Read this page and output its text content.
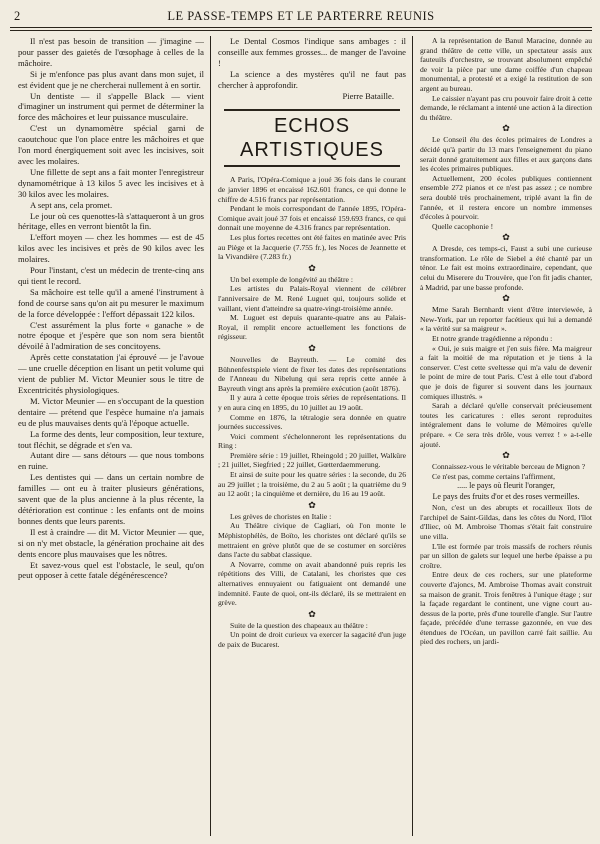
2	LE PASSE-TEMPS ET LE PARTERRE REUNIS

Il n'est pas besoin de transition — j'imagine — pour passer des gaietés de l'œsophage à celles de la mâchoire.

Si je m'enfonce pas plus avant dans mon sujet, il est évident que je ne chercherai nullement à en sortir.

Un dentiste — il s'appelle Black — vient d'imaginer un instrument qui permet de déterminer la force des mâchoires et leur puissance musculaire.

C'est un dynamomètre spécial garni de caoutchouc que l'on place entre les mâchoires et que l'on mord énergiquement soit avec les incisives, soit avec les molaires.

Une fillette de sept ans a fait monter l'enregistreur dynamométrique à 13 kilos 5 avec les incisives et à 30 kilos avec les molaires.

A sept ans, cela promet.

Le jour où ces quenottes-là s'attaqueront à un gros héritage, elles en verront bientôt la fin.

L'effort moyen — chez les hommes — est de 45 kilos avec les incisives et près de 90 kilos avec les molaires.

Pour l'instant, c'est un médecin de trente-cinq ans qui tient le record.

Sa mâchoire est telle qu'il a amené l'instrument à fond de course sans qu'on ait pu mesurer le maximum de la force développée : l'effort dépassait 122 kilos.

C'est assurément la plus forte « ganache » de notre époque et j'espère que son nom sera bientôt dévoilé à l'admiration de ses concitoyens.

Après cette constatation j'ai éprouvé — je l'avoue — une cruelle déception en lisant un petit volume qui vient de publier M. Victor Meunier sous le titre de Excentricités physiologiques.

M. Victor Meunier — en s'occupant de la question dentaire — prétend que l'espèce humaine n'a jamais eu de plus mauvaises dents qu'à l'époque actuelle.

La forme des dents, leur composition, leur texture, tout fléchit, se dégrade et s'en va.

Autant dire — sans détours — que nous tombons en ruine.

Les dentistes qui — dans un certain nombre de familles — ont eu à traiter plusieurs générations, savent que de la plus ancienne à la plus récente, la détérioration est continue : les enfants ont de moins bonnes dents que leurs parents.

Il est à craindre — dit M. Victor Meunier — que, si on n'y met obstacle, la génération prochaine ait des dents encore plus mauvaises que les nôtres.

Et savez-vous quel est l'obstacle, le seul, qu'on peut opposer à cette fatale dégénérescence?

Le Dental Cosmos l'indique sans ambages : il conseille aux femmes grosses... de manger de l'avoine !

La science a des mystères qu'il ne faut pas chercher à approfondir.

Pierre Bataille.

ECHOS ARTISTIQUES

A Paris, l'Opéra-Comique a joué 36 fois dans le courant de janvier 1896 et encaissé 162.601 francs, ce qui donne le chiffre de 4.516 francs par représentation.

Pendant le mois correspondant de l'année 1895, l'Opéra-Comique avait joué 37 fois et encaissé 159.693 francs, ce qui donnait une moyenne de 4.316 francs par représentation.

Les plus fortes recettes ont été faites en matinée avec Pris au Piège et la Jacquerie (7.755 fr.), les Noces de Jeannette et la Vivandière (7.283 fr.)

✿

Un bel exemple de longévité au théâtre :

Les artistes du Palais-Royal viennent de célébrer l'anniversaire de M. René Luguet qui, toujours solide et vaillant, vient d'atteindre sa quatre-vingt-troisième année.

M. Luguet est depuis quarante-quatre ans au Palais-Royal, il remplit encore actuellement les fonctions de régisseur.

✿

Nouvelles de Bayreuth. — Le comité des Bühnenfestspiele vient de fixer les dates des représentations de l'Anneau du Nibelung qui sera repris cette année à Bayreuth vingt ans après la première exécution (août 1876).

Il y aura à cette époque trois séries de représentations. Il y en aura cinq en 1895, du 10 juillet au 19 août.

Comme en 1876, la tétralogie sera donnée en quatre journées successives.

Voici comment s'échelonneront les représentations du Ring :

Première série : 19 juillet, Rheingold ; 20 juillet, Walküre ; 21 juillet, Siegfried ; 22 juillet, Gœtterdaemmerung.

Et ainsi de suite pour les quatre séries : la seconde, du 26 au 29 juillet ; la troisième, du 2 au 5 août ; la quatrième du 9 au 12 août ; la cinquième et dernière, du 16 au 19 août.

✿

Les grèves de choristes en Italie :

Au Théâtre civique de Cagliari, où l'on monte le Méphistophélès, de Boïto, les choristes ont déclaré qu'ils se mettraient en grève plutôt que de se costumer en sorcières dans l'acte du sabbat classique.

A Novarre, comme on avait abandonné puis repris les répétitions des Villi, de Catalani, les choristes que ces alternatives ennuyaient ou fatiguaient ont demandé une indemnité. Faute de quoi, ont-ils déclaré, ils se mettraient en grève.

✿

Suite de la question des chapeaux au théâtre :

Un point de droit curieux va exercer la sagacité d'un juge de paix de Bucarest.

A la représentation de Banul Maracine, donnée au grand théâtre de cette ville, un spectateur assis aux fauteuils d'orchestre, se trouvant absolument empêché de voir la pièce par une dame coiffée d'un chapeau monumental, a protesté et a exigé la restitution de son argent au bureau.

Le caissier n'ayant pas cru pouvoir faire droit à cette demande, le réclamant a intenté une action à la direction du théâtre.

✿

Le Conseil élu des écoles primaires de Londres a décidé qu'à partir du 13 mars l'enseignement du piano serait donné gratuitement aux filles et aux garçons dans les écoles primaires publiques.

Actuellement, 200 écoles publiques contiennent ensemble 272 pianos et ce n'est pas assez ; ce nombre sera doublé très prochainement, triplé avant la fin de l'année, et il restera encore un nombre immenses d'écoles à pourvoir.

Quelle cacophonie !

✿

A Dresde, ces temps-ci, Faust a subi une curieuse transformation. Le rôle de Siebel a été chanté par un ténor. Le fait est moins extraordinaire, cependant, que celui du Miserere du Trouvère, que l'on fit jadis chanter, à Madrid, par une basse profonde.

✿

Mme Sarah Bernhardt vient d'être interviewée, à New-York, par un reporter facétieux qui lui a demandé « la vérité sur sa maigreur ».

Et notre grande tragédienne a répondu :

« Oui, je suis maigre et j'en suis fière. Ma maigreur a fait la moitié de ma réputation et je tiens à la conserver. C'est cette sveltesse qui m'a valu de devenir le point de mire de tout Paris. C'est à elle tout d'abord que je dois de figurer si souvent dans les journaux comiques illustrés. »

Sarah a déclaré qu'elle conservait précieusement toutes les caricatures : elles seront reproduites intégralement dans le volume de Mémoires qu'elle prépare. « Ce sera très drôle, vous verrez ! » a-t-elle ajouté.

✿

Connaissez-vous le véritable berceau de Mignon ?

Ce n'est pas, comme certains l'affirment,

..... le pays où fleurit l'oranger,

Le pays des fruits d'or et des roses vermeilles.

Non, c'est un des abrupts et rocailleux îlots de l'archipel de Saint-Gildas, dans les côtes du Nord, l'îlot d'Iliec, où M. Ambroise Thomas s'était fait construire une villa.

L'île est formée par trois massifs de rochers réunis par un sillon de galets sur lequel une herbe épaisse a pu croître.

Entre deux de ces rochers, sur une plateforme couverte d'ajoncs, M. Ambroise Thomas avait construit sa maison de granit. Trois fenêtres à l'unique étage ; sur la façade regardant le continent, une vigne court au-dessus de la porte, près d'une tourelle d'angle. Sur l'autre façade, précédée d'une terrasse gazonnée, en vue des étendues de l'Océan, un pavillon carré fait saillie. Au pied des rochers, un jardi-
